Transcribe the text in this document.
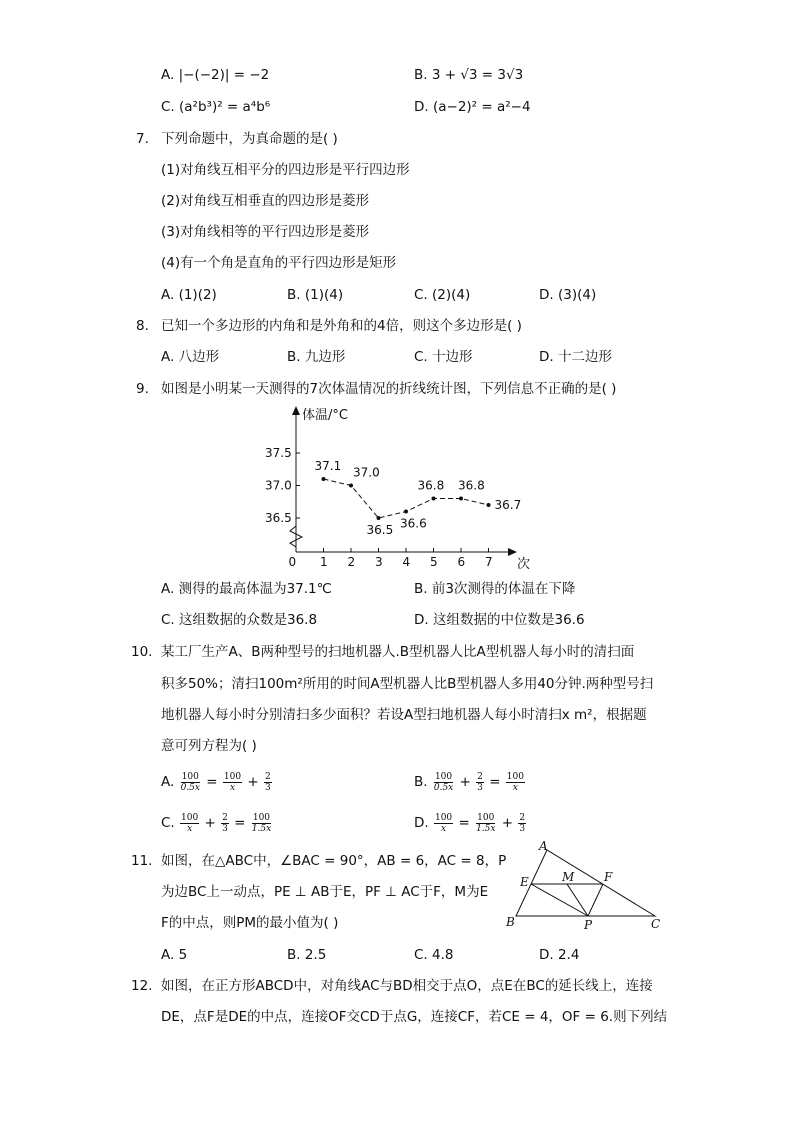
A. |−(−2)| = −2	B. 3 + √3 = 3√3
C. (a²b³)² = a⁴b⁶	D. (a−2)² = a²−4
7. 下列命题中，为真命题的是( )
(1)对角线互相平分的四边形是平行四边形
(2)对角线互相垂直的四边形是菱形
(3)对角线相等的平行四边形是菱形
(4)有一个角是直角的平行四边形是矩形
A. (1)(2)	B. (1)(4)	C. (2)(4)	D. (3)(4)
8. 已知一个多边形的内角和是外角和的4倍，则这个多边形是( )
A. 八边形	B. 九边形	C. 十边形	D. 十二边形
9. 如图是小明某一天测得的7次体温情况的折线统计图，下列信息不正确的是( )
体温/°C
次
0 1 2 3 4 5 6 7
37.5
37.0
36.5
37.1 37.0
36.5 36.6
36.8 36.8
36.7
A. 测得的最高体温为37.1℃	B. 前3次测得的体温在下降
C. 这组数据的众数是36.8	D. 这组数据的中位数是36.6
10. 某工厂生产A、B两种型号的扫地机器人.B型机器人比A型机器人每小时的清扫面
积多50%；清扫100m²所用的时间A型机器人比B型机器人多用40分钟.两种型号扫
地机器人每小时分别清扫多少面积？若设A型扫地机器人每小时清扫x m²，根据题
意可列方程为( )
A. $\frac{100}{0.5x} = \frac{100}{x} + \frac{2}{3}$	B. $\frac{100}{0.5x} + \frac{2}{3} = \frac{100}{x}$
C. $\frac{100}{x} + \frac{2}{3} = \frac{100}{1.5x}$	D. $\frac{100}{x} = \frac{100}{1.5x} + \frac{2}{3}$
11. 如图，在△ABC中，∠BAC = 90°，AB = 6，AC = 8，P
为边BC上一动点，PE ⊥ AB于E，PF ⊥ AC于F，M为E
F的中点，则PM的最小值为( )
A. 5	B. 2.5	C. 4.8	D. 2.4
A
E	M F
B	P	C
12. 如图，在正方形ABCD中，对角线AC与BD相交于点O，点E在BC的延长线上，连接
DE，点F是DE的中点，连接OF交CD于点G，连接CF，若CE = 4，OF = 6.则下列结
